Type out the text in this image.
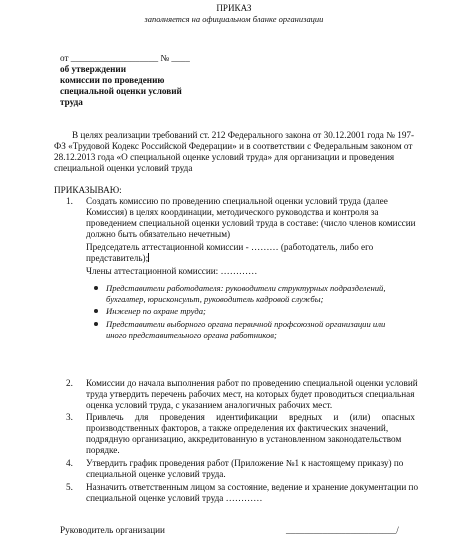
ПРИКАЗ
заполняется на официальном бланке организации
от ___________________ № ____
об утверждении
комиссии по проведению
специальной оценки условий
труда
В целях реализации требований ст. 212 Федерального закона от 30.12.2001 года № 197-
ФЗ «Трудовой Кодекс Российской Федерации» и в соответствии с Федеральным законом от
28.12.2013 года «О специальной оценке условий труда» для организации и проведения
специальной оценки условий труда
ПРИКАЗЫВАЮ:
1. Создать комиссию по проведению специальной оценки условий труда (далее
Комиссия) в целях координации, методического руководства и контроля за
проведением специальной оценки условий труда в составе: (число членов комиссии
должно быть обязательно нечетным)
Председатель аттестационной комиссии - ……… (работодатель, либо его
представитель);
Члены аттестационной комиссии: …………
Представители работодателя: руководители структурных подразделений,
бухгалтер, юрисконсульт, руководитель кадровой службы;
Инженер по охране труда;
Представители выборного органа первичной профсоюзной организации или
иного представительного органа работников;
2. Комиссии до начала выполнения работ по проведению специальной оценки условий
труда утвердить перечень рабочих мест, на которых будет проводиться специальная
оценка условий труда, с указанием аналогичных рабочих мест.
3. Привлечь для проведения идентификации вредных и (или) опасных
производственных факторов, а также определения их фактических значений,
подрядную организацию, аккредитованную в установленном законодательством
порядке.
4. Утвердить график проведения работ (Приложение №1 к настоящему приказу) по
специальной оценке условий труда.
5. Назначить ответственным лицом за состояние, ведение и хранение документации по
специальной оценке условий труда …………
Руководитель организации	________________________/
